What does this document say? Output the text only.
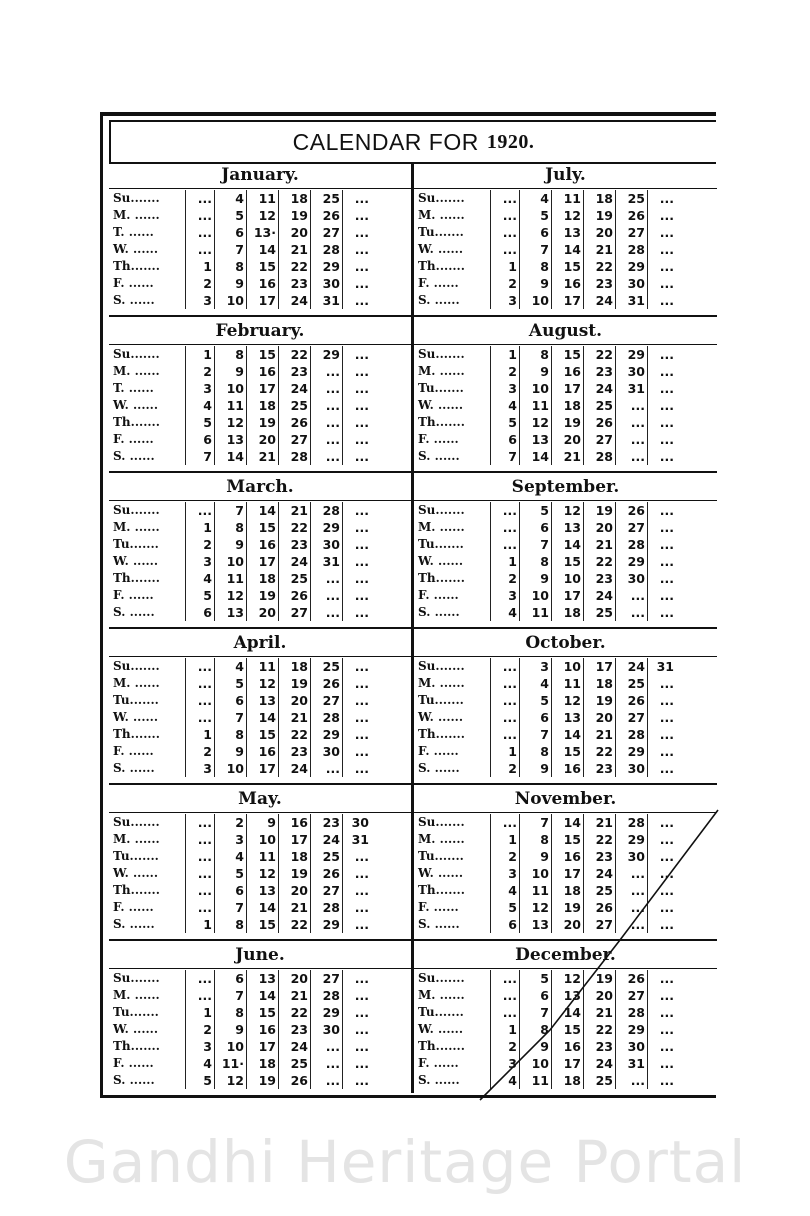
CALENDAR FOR 1920.
January.
Su.......	...	4	11	18	25	...
M. ......	...	5	12	19	26	...
T. ......	...	6	13·	20	27	...
W. ......	...	7	14	21	28	...
Th.......	1	8	15	22	29	...
F. ......	2	9	16	23	30	...
S. ......	3	10	17	24	31	...
July.
Su.......	...	4	11	18	25	...
M. ......	...	5	12	19	26	...
Tu.......	...	6	13	20	27	...
W. ......	...	7	14	21	28	...
Th.......	1	8	15	22	29	...
F. ......	2	9	16	23	30	...
S. ......	3	10	17	24	31	...
February.
Su.......	1	8	15	22	29	...
M. ......	2	9	16	23	...	...
T. ......	3	10	17	24	...	...
W. ......	4	11	18	25	...	...
Th.......	5	12	19	26	...	...
F. ......	6	13	20	27	...	...
S. ......	7	14	21	28	...	...
August.
Su.......	1	8	15	22	29	...
M. ......	2	9	16	23	30	...
Tu.......	3	10	17	24	31	...
W. ......	4	11	18	25	...	...
Th.......	5	12	19	26	...	...
F. ......	6	13	20	27	...	...
S. ......	7	14	21	28	...	...
March.
Su.......	...	7	14	21	28	...
M. ......	1	8	15	22	29	...
Tu.......	2	9	16	23	30	...
W. ......	3	10	17	24	31	...
Th.......	4	11	18	25	...	...
F. ......	5	12	19	26	...	...
S. ......	6	13	20	27	...	...
September.
Su.......	...	5	12	19	26	...
M. ......	...	6	13	20	27	...
Tu.......	...	7	14	21	28	...
W. ......	1	8	15	22	29	...
Th.......	2	9	10	23	30	...
F. ......	3	10	17	24	...	...
S. ......	4	11	18	25	...	...
April.
Su.......	...	4	11	18	25	...
M. ......	...	5	12	19	26	...
Tu.......	...	6	13	20	27	...
W. ......	...	7	14	21	28	...
Th.......	1	8	15	22	29	...
F. ......	2	9	16	23	30	...
S. ......	3	10	17	24	...	...
October.
Su.......	...	3	10	17	24	31
M. ......	...	4	11	18	25	...
Tu.......	...	5	12	19	26	...
W. ......	...	6	13	20	27	...
Th.......	...	7	14	21	28	...
F. ......	1	8	15	22	29	...
S. ......	2	9	16	23	30	...
May.
Su.......	...	2	9	16	23	30
M. ......	...	3	10	17	24	31
Tu.......	...	4	11	18	25	...
W. ......	...	5	12	19	26	...
Th.......	...	6	13	20	27	...
F. ......	...	7	14	21	28	...
S. ......	1	8	15	22	29	...
November.
Su.......	...	7	14	21	28	...
M. ......	1	8	15	22	29	...
Tu.......	2	9	16	23	30	...
W. ......	3	10	17	24	...	...
Th.......	4	11	18	25	...	...
F. ......	5	12	19	26	...	...
S. ......	6	13	20	27	...	...
June.
Su.......	...	6	13	20	27	...
M. ......	...	7	14	21	28	...
Tu.......	1	8	15	22	29	...
W. ......	2	9	16	23	30	...
Th.......	3	10	17	24	...	...
F. ......	4	11·	18	25	...	...
S. ......	5	12	19	26	...	...
December.
Su.......	...	5	12	19	26	...
M. ......	...	6	13	20	27	...
Tu.......	...	7	14	21	28	...
W. ......	1	8	15	22	29	...
Th.......	2	9	16	23	30	...
F. ......	3	10	17	24	31	...
S. ......	4	11	18	25	...	...
Gandhi Heritage Portal
